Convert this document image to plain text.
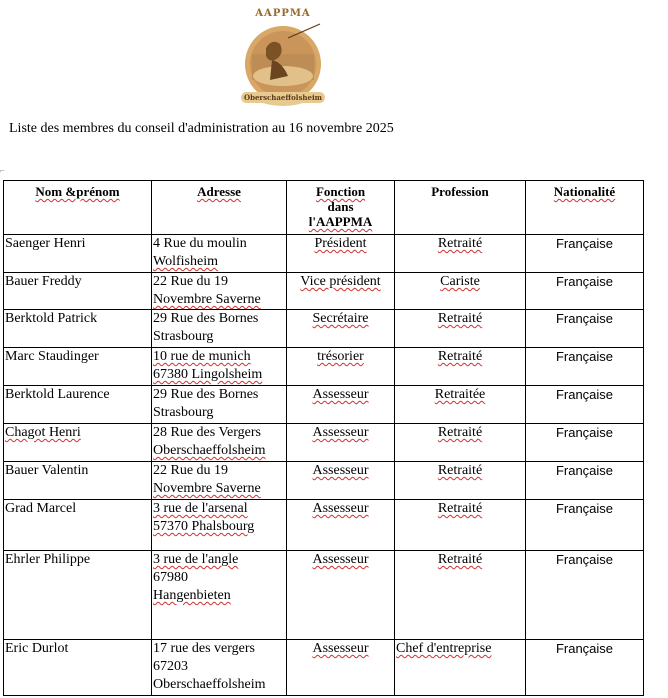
AAPPMA
Oberschaeffolsheim
Liste des membres du conseil d'administration au 16 novembre 2025
⌐
Nom &prénom	Adresse	Fonction
dans
l'AAPPMA	Profession	Nationalité
Saenger Henri	4 Rue du moulin
Wolfisheim	Président	Retraité	Française
Bauer Freddy	22 Rue du 19
Novembre Saverne	Vice président	Cariste	Française
Berktold Patrick	29 Rue des Bornes
Strasbourg	Secrétaire	Retraité	Française
Marc Staudinger	10 rue de munich
67380 Lingolsheim	trésorier	Retraité	Française
Berktold Laurence	29 Rue des Bornes
Strasbourg	Assesseur	Retraitée	Française
Chagot Henri	28 Rue des Vergers
Oberschaeffolsheim	Assesseur	Retraité	Française
Bauer Valentin	22 Rue du 19
Novembre Saverne	Assesseur	Retraité	Française
Grad Marcel	3 rue de l'arsenal
57370 Phalsbourg	Assesseur	Retraité	Française
Ehrler Philippe	3 rue de l'angle
67980
Hangenbieten	Assesseur	Retraité	Française
Eric Durlot	17 rue des vergers
67203
Oberschaeffolsheim	Assesseur	Chef d'entreprise	Française
